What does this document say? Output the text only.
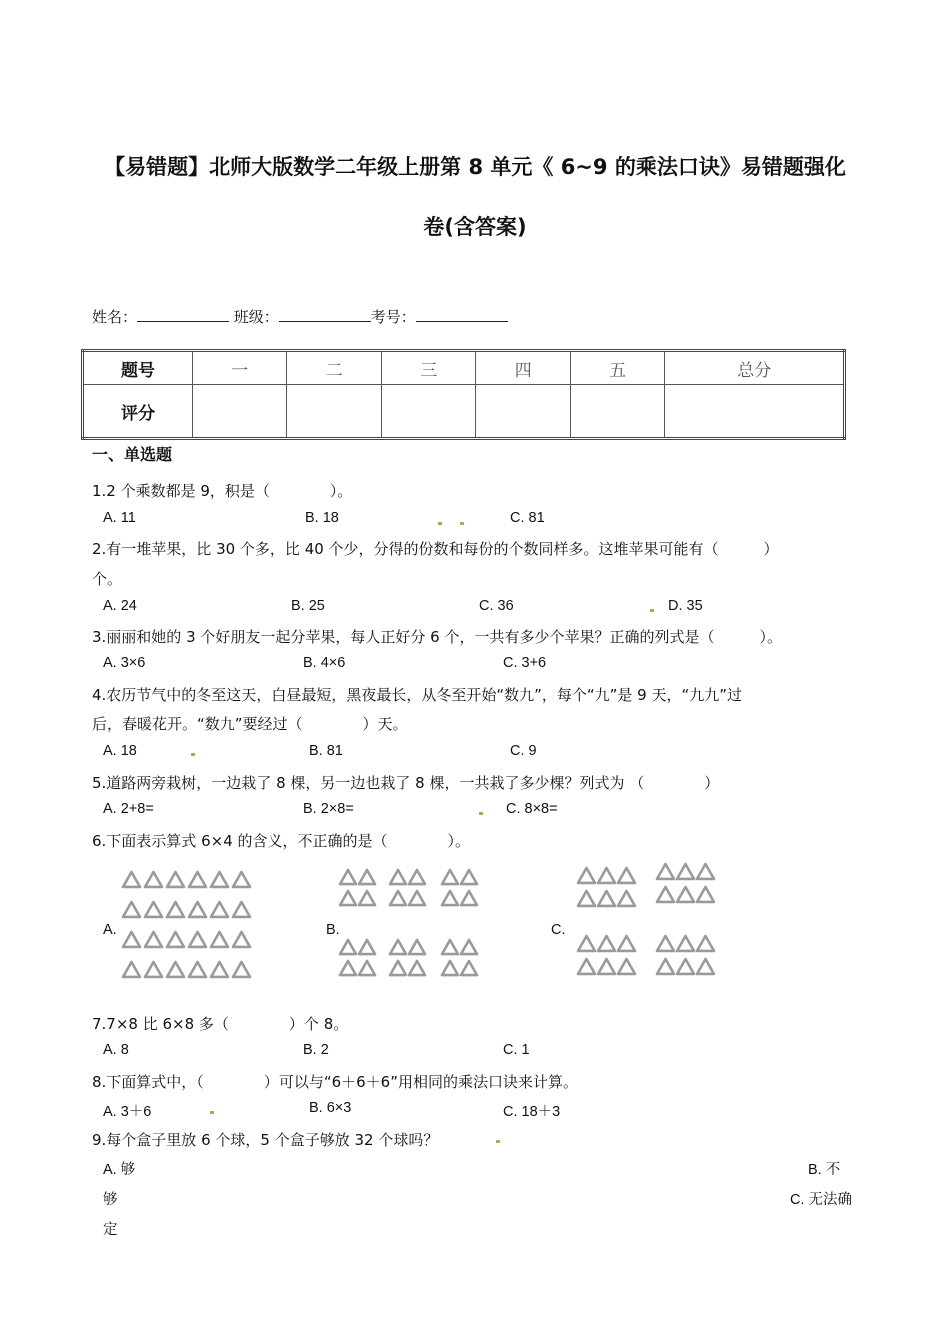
【易错题】北师大版数学二年级上册第 8 单元《 6~9 的乘法口诀》易错题强化
卷(含答案)
姓名：	班级：	考号：
题号	一	二	三	四	五	总分
评分						
一、单选题
1.2 个乘数都是 9，积是（　　　　）。
A. 11	B. 18	C. 81
2.有一堆苹果，比 30 个多，比 40 个少，分得的份数和每份的个数同样多。这堆苹果可能有（　　　）
个。
A. 24	B. 25	C. 36	D. 35
3.丽丽和她的 3 个好朋友一起分苹果，每人正好分 6 个，一共有多少个苹果？正确的列式是（　　　）。
A. 3×6	B. 4×6	C. 3+6
4.农历节气中的冬至这天，白昼最短，黑夜最长，从冬至开始“数九”，每个“九”是 9 天，“九九”过
后，春暖花开。“数九”要经过（　　　　）天。
A. 18	B. 81	C. 9
5.道路两旁栽树，一边栽了 8 棵，另一边也栽了 8 棵，一共栽了多少棵？列式为 （　　　　）
A. 2+8=	B. 2×8=	C. 8×8=
6.下面表示算式 6×4 的含义，不正确的是（　　　　）。
A.	B.	C.
7.7×8 比 6×8 多（　　　　）个 8。
A. 8	B. 2	C. 1
8.下面算式中，（　　　　）可以与“6＋6＋6”用相同的乘法口诀来计算。
A. 3＋6	B. 6×3	C. 18＋3
9.每个盒子里放 6 个球，5 个盒子够放 32 个球吗？
A. 够
够
定
B. 不
C. 无法确
